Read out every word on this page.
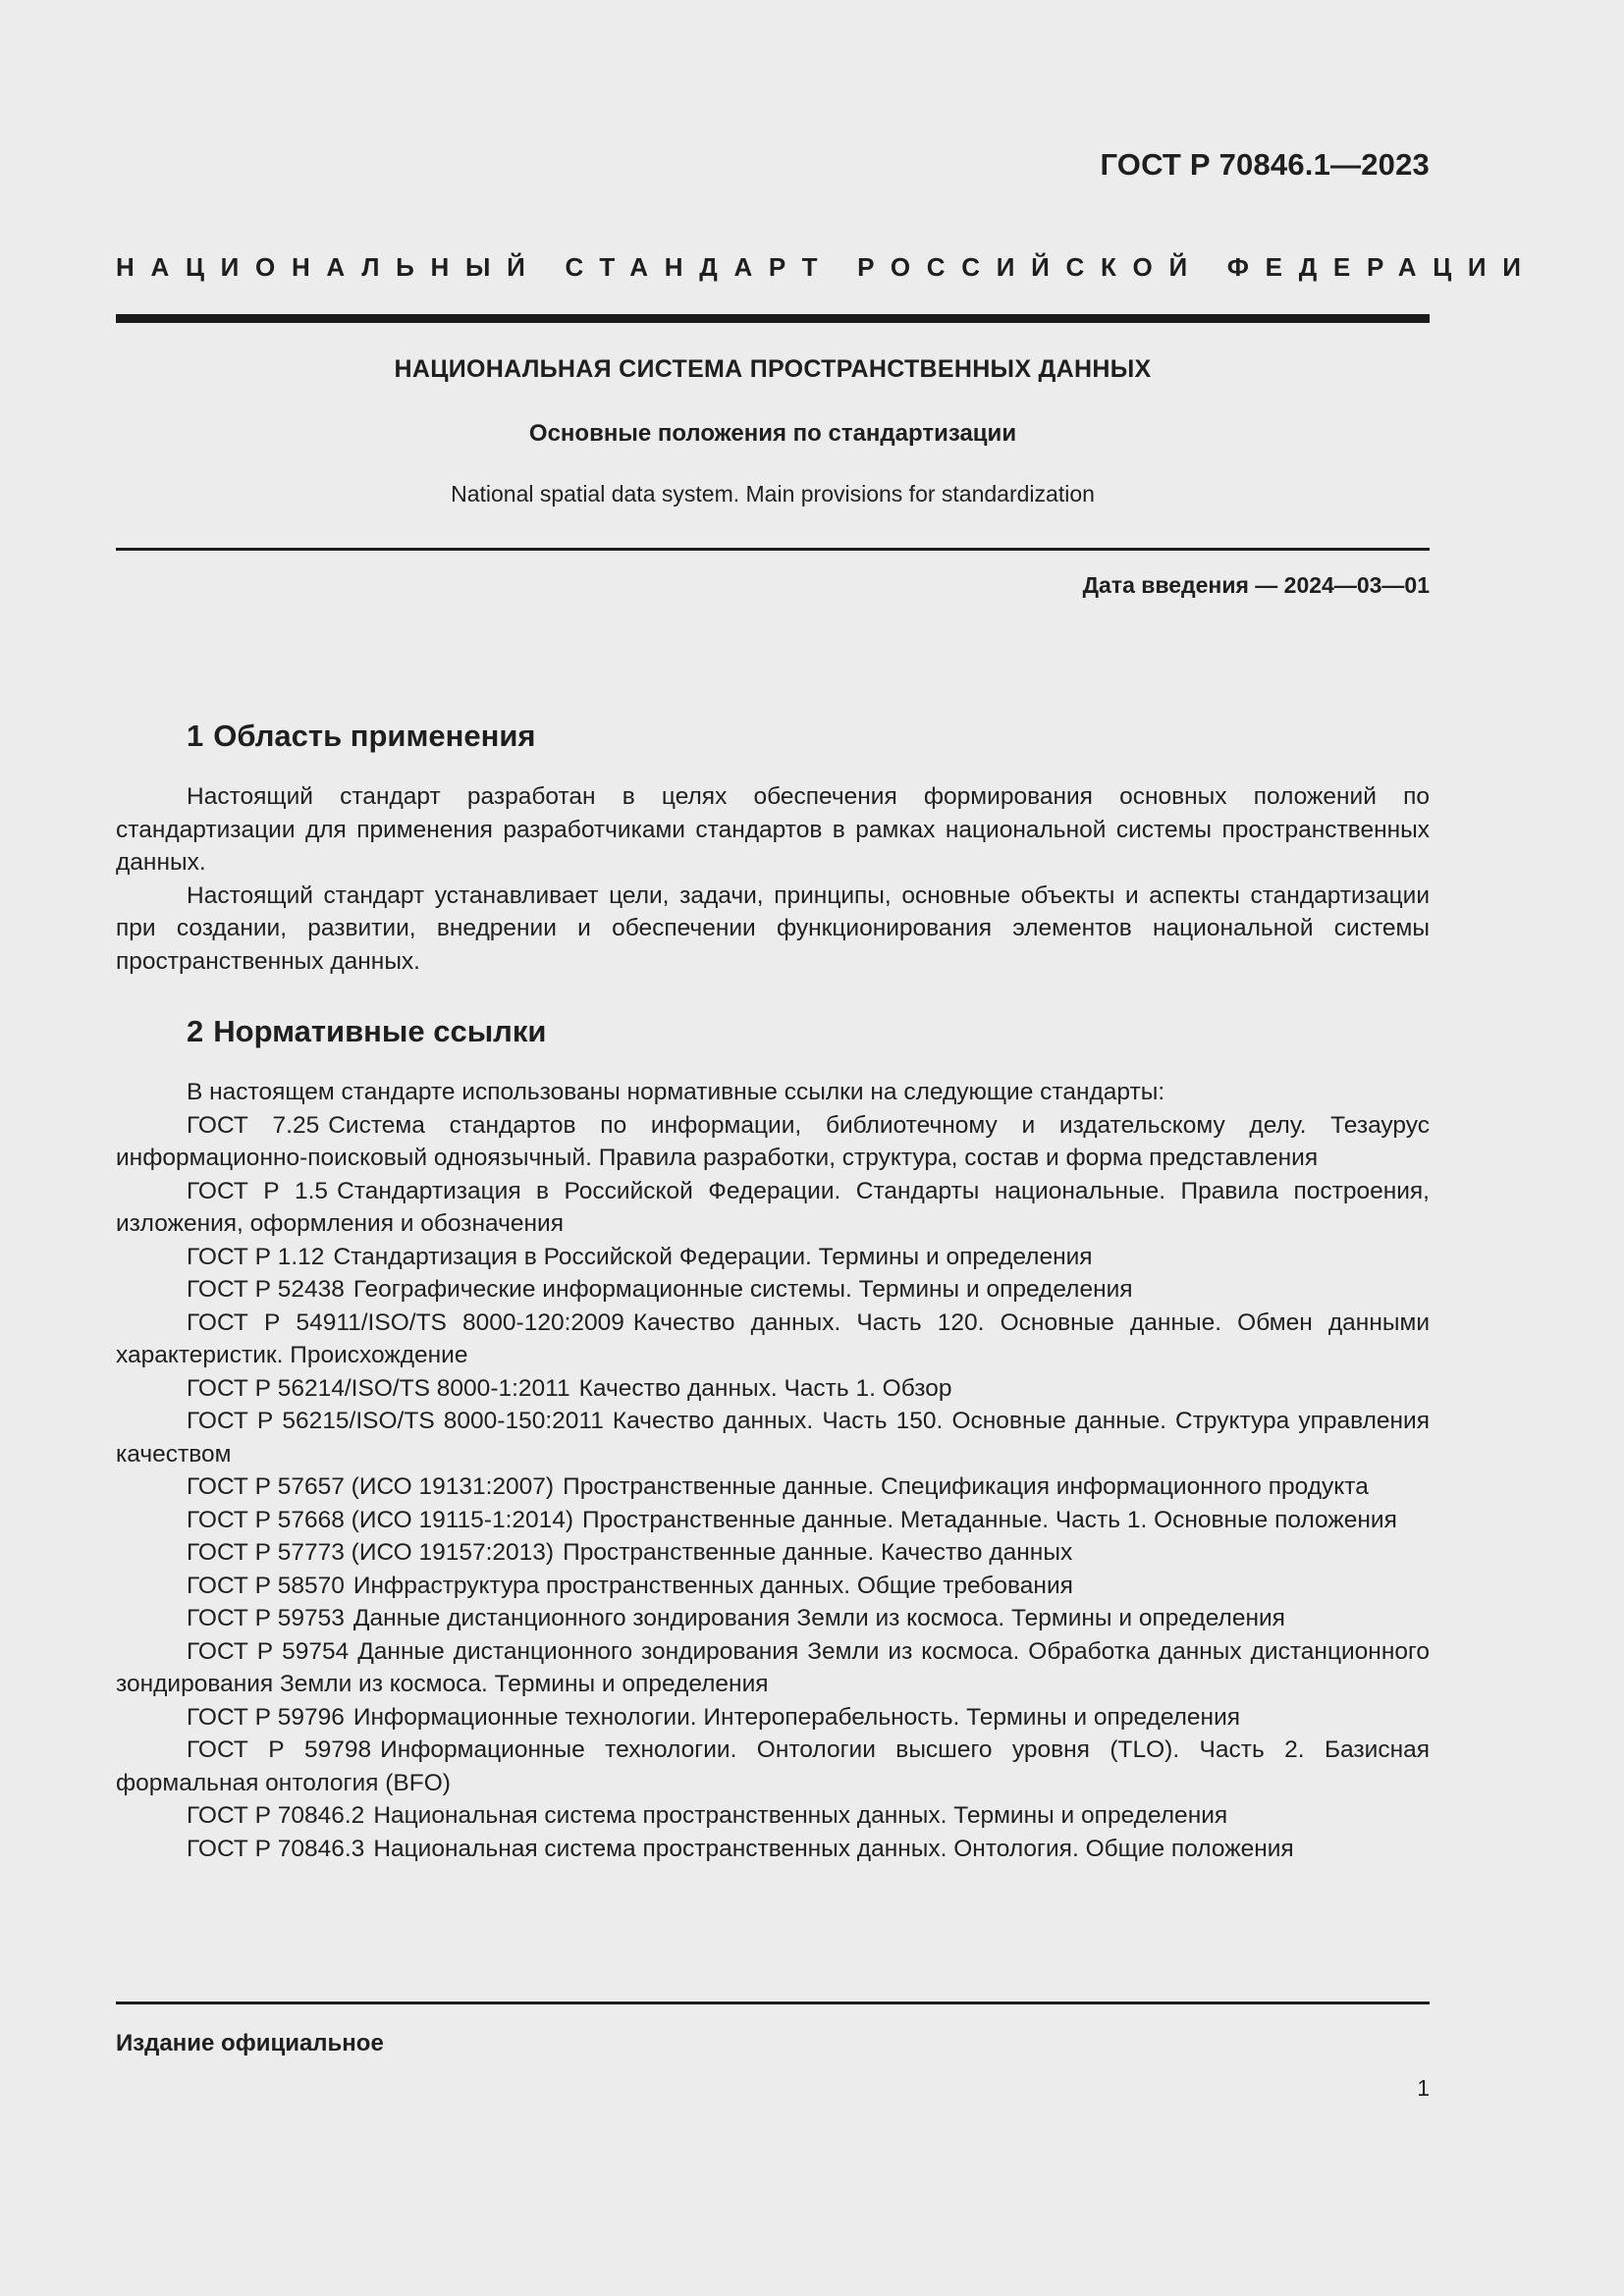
ГОСТ Р 70846.1—2023
НАЦИОНАЛЬНЫЙ СТАНДАРТ РОССИЙСКОЙ ФЕДЕРАЦИИ
НАЦИОНАЛЬНАЯ СИСТЕМА ПРОСТРАНСТВЕННЫХ ДАННЫХ
Основные положения по стандартизации
National spatial data system. Main provisions for standardization
Дата введения — 2024—03—01
1 Область применения

Настоящий стандарт разработан в целях обеспечения формирования основных положений по стандартизации для применения разработчиками стандартов в рамках национальной системы пространственных данных.

Настоящий стандарт устанавливает цели, задачи, принципы, основные объекты и аспекты стандартизации при создании, развитии, внедрении и обеспечении функционирования элементов национальной системы пространственных данных.

2 Нормативные ссылки

В настоящем стандарте использованы нормативные ссылки на следующие стандарты:

ГОСТ 7.25 Система стандартов по информации, библиотечному и издательскому делу. Тезаурус информационно-поисковый одноязычный. Правила разработки, структура, состав и форма представления

ГОСТ Р 1.5 Стандартизация в Российской Федерации. Стандарты национальные. Правила построения, изложения, оформления и обозначения

ГОСТ Р 1.12 Стандартизация в Российской Федерации. Термины и определения

ГОСТ Р 52438 Географические информационные системы. Термины и определения

ГОСТ Р 54911/ISO/TS 8000-120:2009 Качество данных. Часть 120. Основные данные. Обмен данными характеристик. Происхождение

ГОСТ Р 56214/ISO/TS 8000-1:2011 Качество данных. Часть 1. Обзор

ГОСТ Р 56215/ISO/TS 8000-150:2011 Качество данных. Часть 150. Основные данные. Структура управления качеством

ГОСТ Р 57657 (ИСО 19131:2007) Пространственные данные. Спецификация информационного продукта

ГОСТ Р 57668 (ИСО 19115-1:2014) Пространственные данные. Метаданные. Часть 1. Основные положения

ГОСТ Р 57773 (ИСО 19157:2013) Пространственные данные. Качество данных

ГОСТ Р 58570 Инфраструктура пространственных данных. Общие требования

ГОСТ Р 59753 Данные дистанционного зондирования Земли из космоса. Термины и определения

ГОСТ Р 59754 Данные дистанционного зондирования Земли из космоса. Обработка данных дистанционного зондирования Земли из космоса. Термины и определения

ГОСТ Р 59796 Информационные технологии. Интероперабельность. Термины и определения

ГОСТ Р 59798 Информационные технологии. Онтологии высшего уровня (TLO). Часть 2. Базисная формальная онтология (BFO)

ГОСТ Р 70846.2 Национальная система пространственных данных. Термины и определения

ГОСТ Р 70846.3 Национальная система пространственных данных. Онтология. Общие положения

Издание официальное
1
